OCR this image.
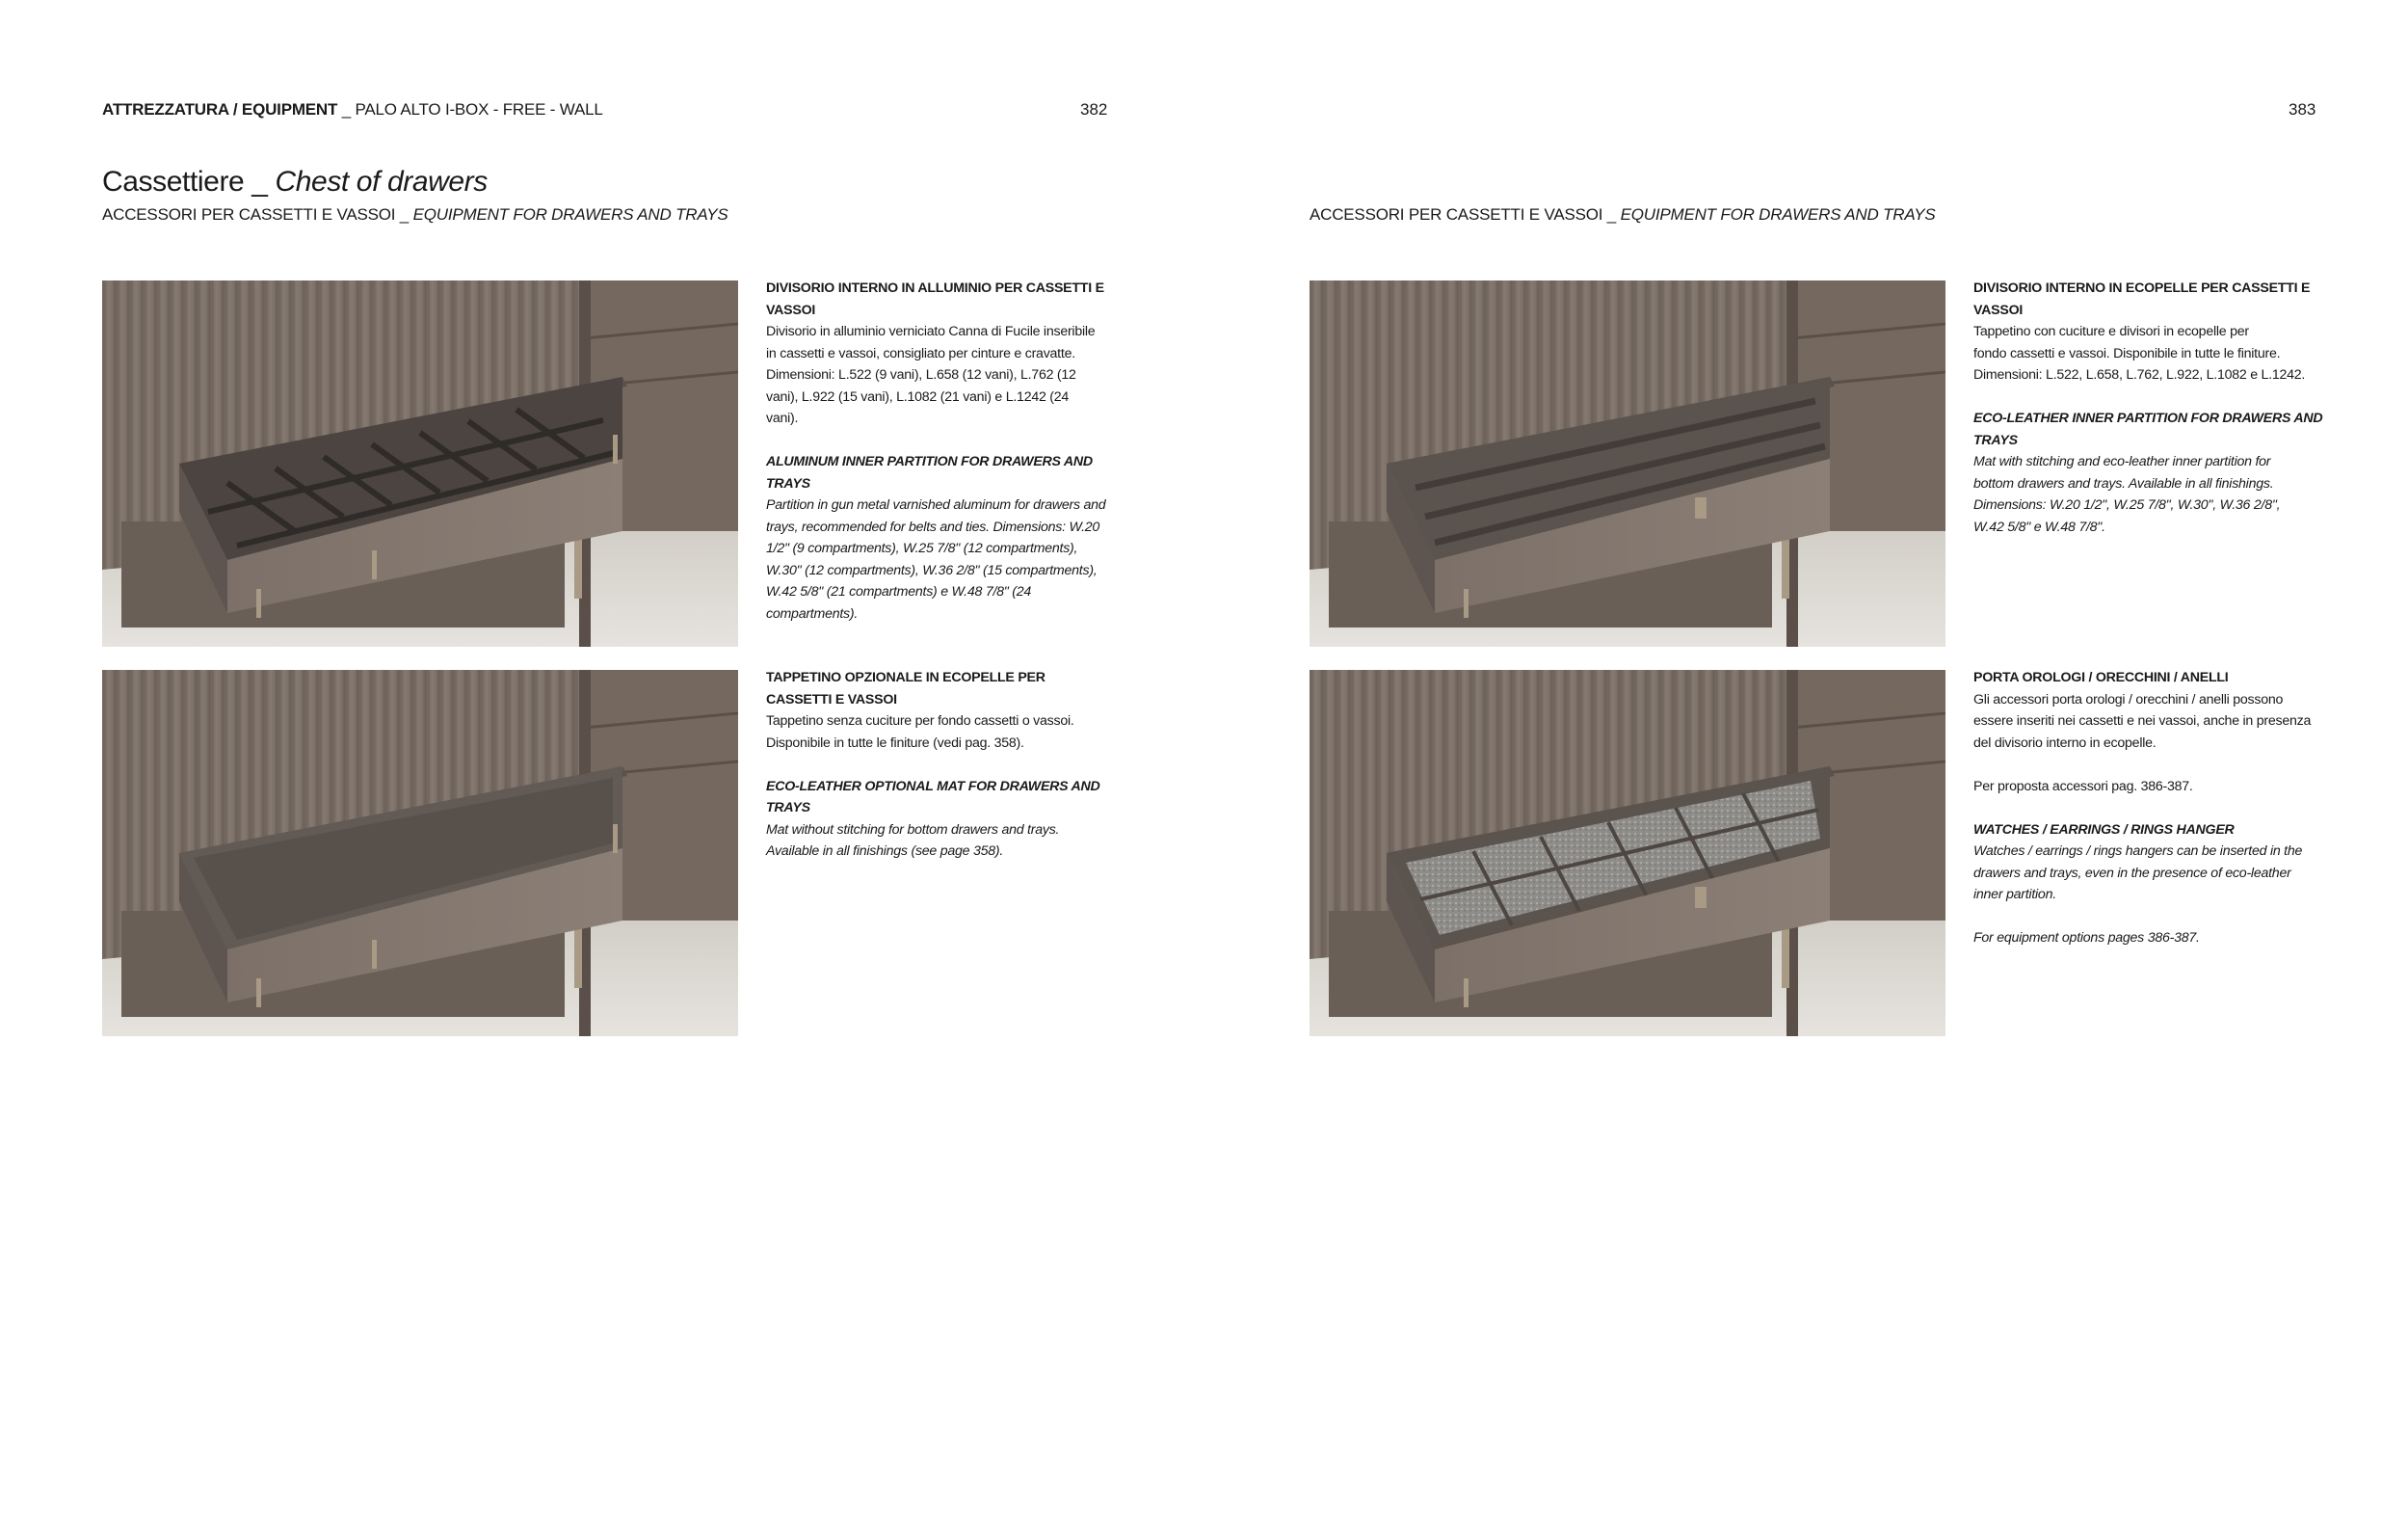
ATTREZZATURA / EQUIPMENT _ PALO ALTO I-BOX - FREE - WALL	382	383
Cassettiere _ Chest of drawers
ACCESSORI PER CASSETTI E VASSOI _ EQUIPMENT FOR DRAWERS AND TRAYS	ACCESSORI PER CASSETTI E VASSOI _ EQUIPMENT FOR DRAWERS AND TRAYS

DIVISORIO INTERNO IN ALLUMINIO PER CASSETTI E VASSOI

Divisorio in alluminio verniciato Canna di Fucile inseribile

in cassetti e vassoi, consigliato per cinture e cravatte.

Dimensioni: L.522 (9 vani), L.658 (12 vani), L.762 (12

vani), L.922 (15 vani), L.1082 (21 vani) e L.1242 (24

vani).

ALUMINUM INNER PARTITION FOR DRAWERS AND TRAYS

Partition in gun metal varnished aluminum for drawers and

trays, recommended for belts and ties. Dimensions: W.20

1/2" (9 compartments), W.25 7/8" (12 compartments),

W.30" (12 compartments), W.36 2/8" (15 compartments),

W.42 5/8" (21 compartments) e W.48 7/8" (24

compartments).

TAPPETINO OPZIONALE IN ECOPELLE PER CASSETTI E VASSOI

Tappetino senza cuciture per fondo cassetti o vassoi.

Disponibile in tutte le finiture (vedi pag. 358).

ECO-LEATHER OPTIONAL MAT FOR DRAWERS AND TRAYS

Mat without stitching for bottom drawers and trays.

Available in all finishings (see page 358).

DIVISORIO INTERNO IN ECOPELLE PER CASSETTI E VASSOI

Tappetino con cuciture e divisori in ecopelle per

fondo cassetti e vassoi. Disponibile in tutte le finiture.

Dimensioni: L.522, L.658, L.762, L.922, L.1082 e L.1242.

ECO-LEATHER INNER PARTITION FOR DRAWERS AND TRAYS

Mat with stitching and eco-leather inner partition for

bottom drawers and trays. Available in all finishings.

Dimensions: W.20 1/2", W.25 7/8", W.30", W.36 2/8",

W.42 5/8" e W.48 7/8".

PORTA OROLOGI / ORECCHINI / ANELLI

Gli accessori porta orologi / orecchini / anelli possono

essere inseriti nei cassetti e nei vassoi, anche in presenza

del divisorio interno in ecopelle.

Per proposta accessori pag. 386-387.

WATCHES / EARRINGS / RINGS HANGER

Watches / earrings / rings hangers can be inserted in the

drawers and trays, even in the presence of eco-leather

inner partition.

For equipment options pages 386-387.
